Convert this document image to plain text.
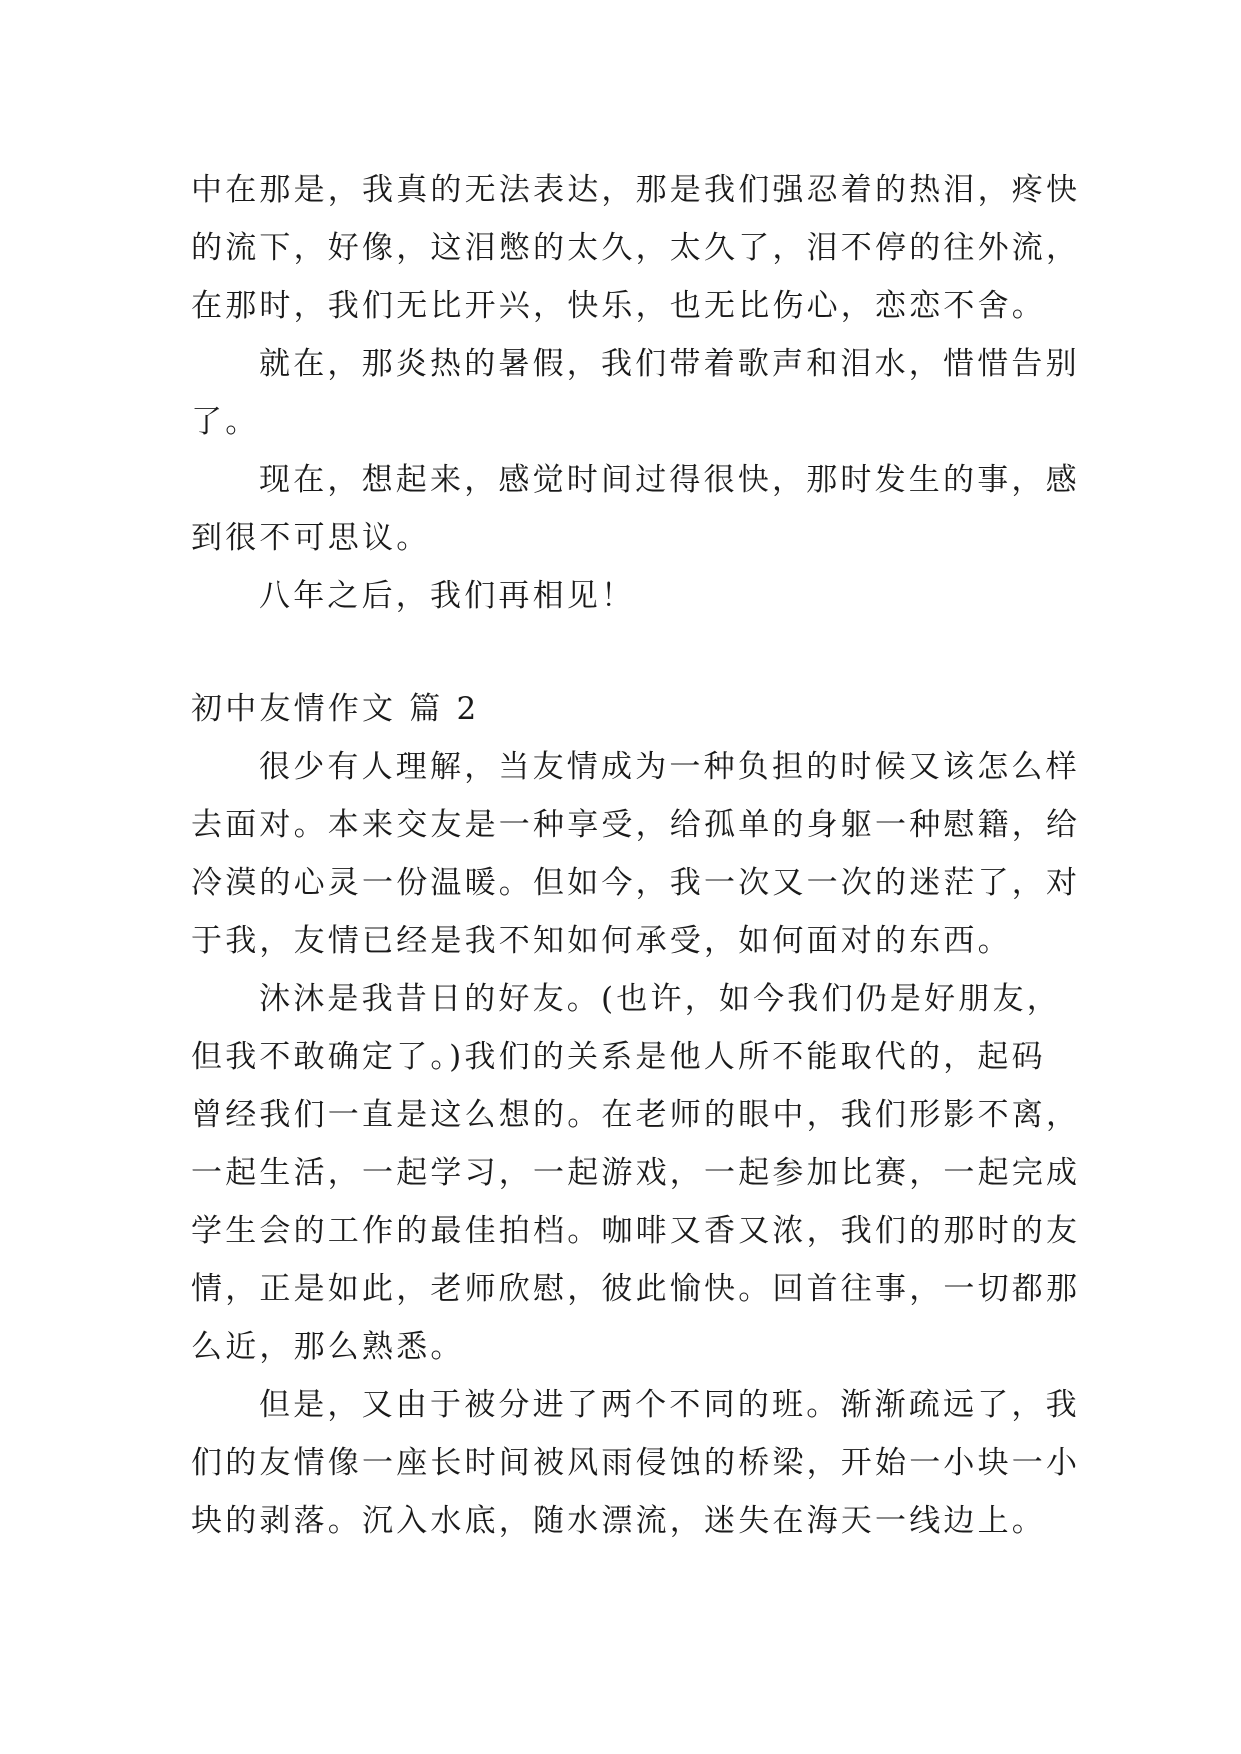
中在那是，我真的无法表达，那是我们强忍着的热泪，疼快
的流下，好像，这泪憋的太久，太久了，泪不停的往外流，
在那时，我们无比开兴，快乐，也无比伤心，恋恋不舍。
就在，那炎热的暑假，我们带着歌声和泪水，惜惜告别
了。
现在，想起来，感觉时间过得很快，那时发生的事，感
到很不可思议。
八年之后，我们再相见！
初中友情作文 篇 2
很少有人理解，当友情成为一种负担的时候又该怎么样
去面对。本来交友是一种享受，给孤单的身躯一种慰籍，给
冷漠的心灵一份温暖。但如今，我一次又一次的迷茫了，对
于我，友情已经是我不知如何承受，如何面对的东西。
沐沐是我昔日的好友。(也许，如今我们仍是好朋友，
但我不敢确定了。)我们的关系是他人所不能取代的，起码
曾经我们一直是这么想的。在老师的眼中，我们形影不离，
一起生活，一起学习，一起游戏，一起参加比赛，一起完成
学生会的工作的最佳拍档。咖啡又香又浓，我们的那时的友
情，正是如此，老师欣慰，彼此愉快。回首往事，一切都那
么近，那么熟悉。
但是，又由于被分进了两个不同的班。渐渐疏远了，我
们的友情像一座长时间被风雨侵蚀的桥梁，开始一小块一小
块的剥落。沉入水底，随水漂流，迷失在海天一线边上。
